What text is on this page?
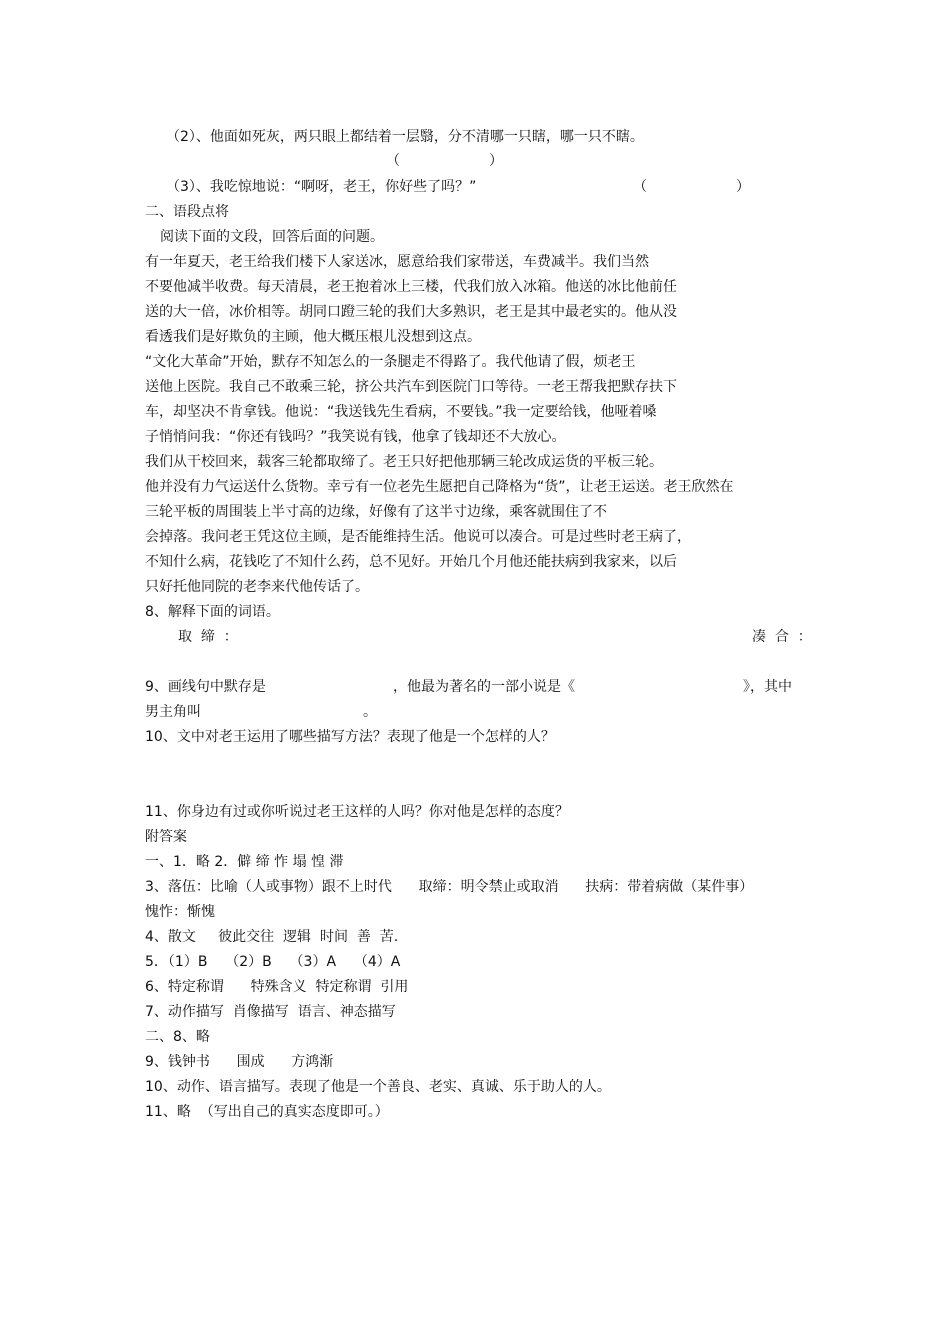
（2）、他面如死灰，两只眼上都结着一层翳，分不清哪一只瞎，哪一只不瞎。
（                    ）
（3）、我吃惊地说：“啊呀，老王，你好些了吗？”	（                    ）
二、语段点将
阅读下面的文段，回答后面的问题。
有一年夏天，老王给我们楼下人家送冰，愿意给我们家带送，车费减半。我们当然
不要他减半收费。每天清晨，老王抱着冰上三楼，代我们放入冰箱。他送的冰比他前任
送的大一倍，冰价相等。胡同口蹬三轮的我们大多熟识，老王是其中最老实的。他从没
看透我们是好欺负的主顾，他大概压根儿没想到这点。
“文化大革命”开始，默存不知怎么的一条腿走不得路了。我代他请了假，烦老王
送他上医院。我自己不敢乘三轮，挤公共汽车到医院门口等待。一老王帮我把默存扶下
车，却坚决不肯拿钱。他说：“我送钱先生看病，不要钱。”我一定要给钱，他哑着嗓
子悄悄问我：“你还有钱吗？”我笑说有钱，他拿了钱却还不大放心。
我们从干校回来，载客三轮都取缔了。老王只好把他那辆三轮改成运货的平板三轮。
他并没有力气运送什么货物。幸亏有一位老先生愿把自己降格为“货”，让老王运送。老王欣然在
三轮平板的周围装上半寸高的边缘，好像有了这半寸边缘，乘客就围住了不
会掉落。我问老王凭这位主顾，是否能维持生活。他说可以凑合。可是过些时老王病了，
不知什么病，花钱吃了不知什么药，总不见好。开始几个月他还能扶病到我家来，以后
只好托他同院的老李来代他传话了。
8、解释下面的词语。
取  缔  ：	凑  合  ：
9、画线句中默存是	，他最为著名的一部小说是《	》，其中
男主角叫	。
10、文中对老王运用了哪些描写方法？表现了他是一个怎样的人？
11、你身边有过或你听说过老王这样的人吗？你对他是怎样的态度？
附答案
一、1．略 2．僻 缔 怍 塌 惶 滞
3、落伍：比喻（人或事物）跟不上时代      取缔：明令禁止或取消      扶病：带着病做（某件事）
愧怍：惭愧
4、散文     彼此交往  逻辑  时间  善  苦.
5．（1）B    （2）B    （3）A    （4）A
6、特定称谓      特殊含义  特定称谓  引用
7、动作描写  肖像描写  语言、神态描写
二、8、略
9、钱钟书      围成      方鸿渐
10、动作、语言描写。表现了他是一个善良、老实、真诚、乐于助人的人。
11、略  （写出自己的真实态度即可。）
